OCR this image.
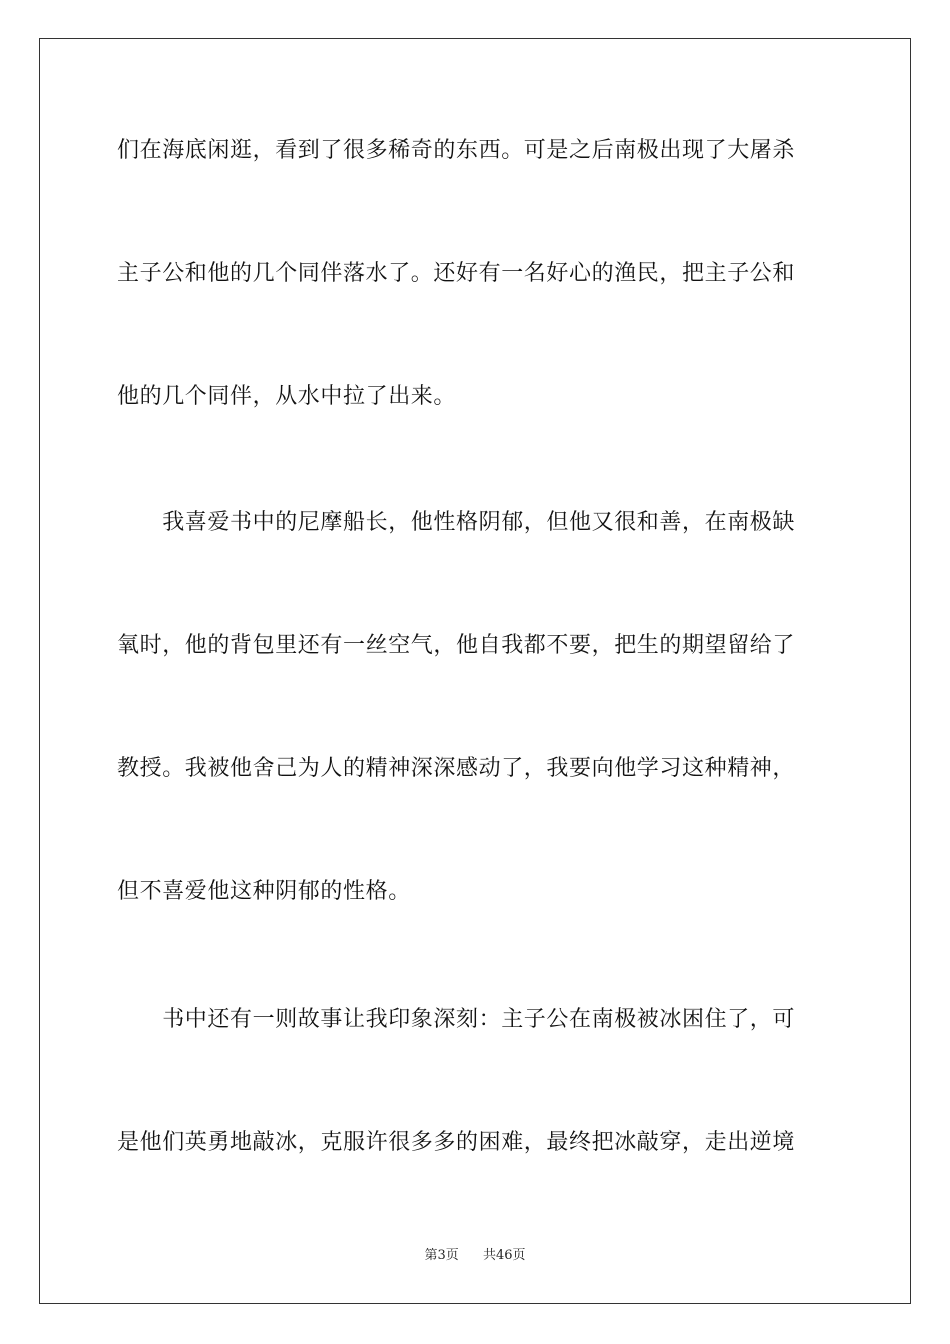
们在海底闲逛，看到了很多稀奇的东西。可是之后南极出现了大屠杀
主子公和他的几个同伴落水了。还好有一名好心的渔民，把主子公和
他的几个同伴，从水中拉了出来。
　　我喜爱书中的尼摩船长，他性格阴郁，但他又很和善，在南极缺
氧时，他的背包里还有一丝空气，他自我都不要，把生的期望留给了
教授。我被他舍己为人的精神深深感动了，我要向他学习这种精神，
但不喜爱他这种阴郁的性格。
　　书中还有一则故事让我印象深刻：主子公在南极被冰困住了，可
是他们英勇地敲冰，克服许很多多的困难，最终把冰敲穿，走出逆境
第3页 共46页
